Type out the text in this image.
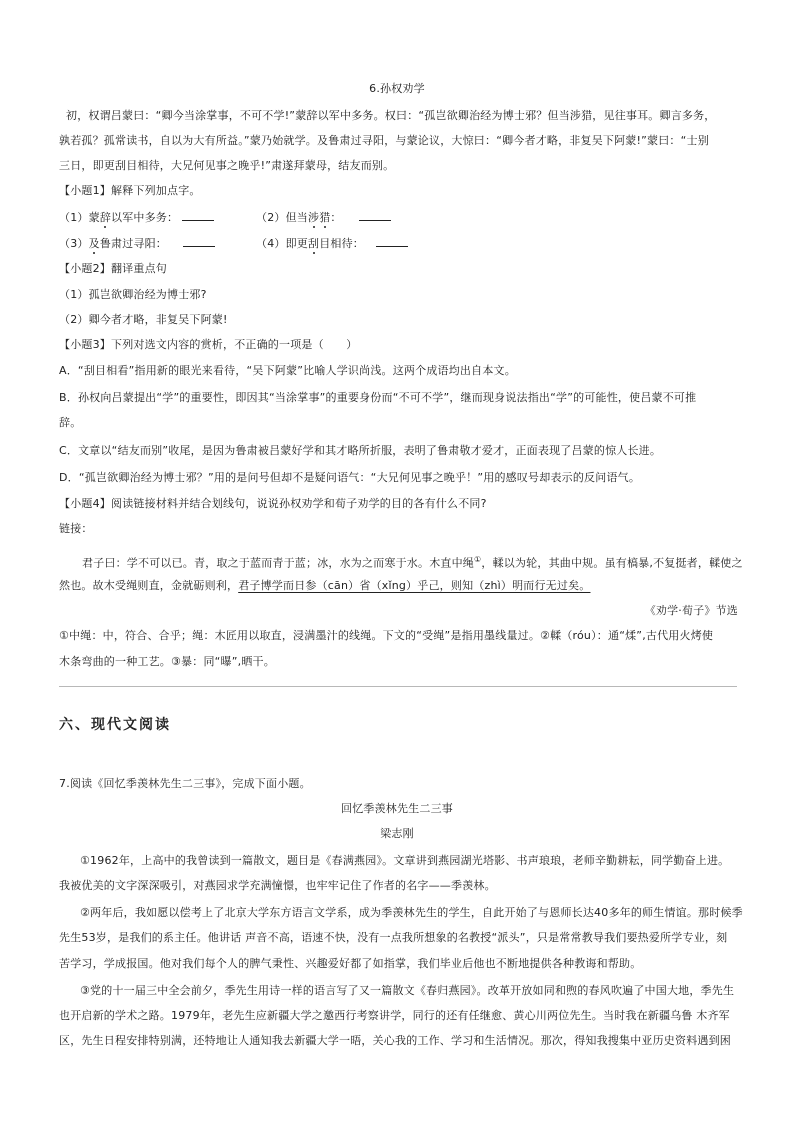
6.孙权劝学
初，权谓吕蒙曰：“卿今当涂掌事，不可不学!”蒙辞以军中多务。权曰：“孤岂欲卿治经为博士邪？但当涉猎，见往事耳。卿言多务，
孰若孤？孤常读书，自以为大有所益。”蒙乃始就学。及鲁肃过寻阳，与蒙论议，大惊曰：“卿今者才略，非复吴下阿蒙!”蒙曰：“士别
三日，即更刮目相待，大兄何见事之晚乎!”肃遂拜蒙母，结友而别。
【小题1】解释下列加点字。
（1）蒙辞以军中多务：	（2）但当涉猎：
（3）及鲁肃过寻阳：	（4）即更刮目相待：
【小题2】翻译重点句
（1）孤岂欲卿治经为博士邪?
（2）卿今者才略，非复吴下阿蒙!
【小题3】下列对选文内容的赏析，不正确的一项是（　　）
A．“刮目相看”指用新的眼光来看待，“吴下阿蒙”比喻人学识尚浅。这两个成语均出自本文。
B．孙权向吕蒙提出“学”的重要性，即因其“当涂掌事”的重要身份而“不可不学”，继而现身说法指出“学”的可能性，使吕蒙不可推
辞。
C．文章以“结友而别”收尾，是因为鲁肃被吕蒙好学和其才略所折服，表明了鲁肃敬才爱才，正面表现了吕蒙的惊人长进。
D．“孤岂欲卿治经为博士邪？”用的是问号但却不是疑问语气：“大兄何见事之晚乎！”用的感叹号却表示的反问语气。
【小题4】阅读链接材料并结合划线句，说说孙权劝学和荀子劝学的目的各有什么不同?
链接：
君子曰：学不可以已。青，取之于蓝而青于蓝；冰，水为之而寒于水。木直中绳①，輮以为轮，其曲中规。虽有槁暴,不复挺者，輮使之
然也。故木受绳则直，金就砺则利，君子博学而日参（cān）省（xǐng）乎己，则知（zhì）明而行无过矣。
《劝学·荀子》节选
①中绳：中，符合、合乎；绳：木匠用以取直，浸满墨汁的线绳。下文的“受绳”是指用墨线量过。②輮（róu）：通“煣”,古代用火烤使
木条弯曲的一种工艺。③暴：同“曝”,晒干。
六、现代文阅读
7.阅读《回忆季羡林先生二三事》，完成下面小题。
回忆季羡林先生二三事
梁志刚
①1962年，上高中的我曾读到一篇散文，题目是《春满燕园》。文章讲到燕园湖光塔影、书声琅琅，老师辛勤耕耘，同学勤奋上进。
我被优美的文字深深吸引，对燕园求学充满憧憬，也牢牢记住了作者的名字——季羡林。
②两年后，我如愿以偿考上了北京大学东方语言文学系，成为季羡林先生的学生，自此开始了与恩师长达40多年的师生情谊。那时候季
先生53岁，是我们的系主任。他讲话 声音不高，语速不快，没有一点我所想象的名教授“派头”，只是常常教导我们要热爱所学专业，刻
苦学习，学成报国。他对我们每个人的脾气秉性、兴趣爱好都了如指掌，我们毕业后他也不断地提供各种教诲和帮助。
③党的十一届三中全会前夕，季先生用诗一样的语言写了又一篇散文《春归燕园》。改革开放如同和煦的春风吹遍了中国大地，季先生
也开启新的学术之路。1979年，老先生应新疆大学之邀西行考察讲学，同行的还有任继愈、黄心川两位先生。当时我在新疆乌鲁 木齐军
区，先生日程安排特别满，还特地让人通知我去新疆大学一晤，关心我的工作、学习和生活情况。那次，得知我搜集中亚历史资料遇到困
